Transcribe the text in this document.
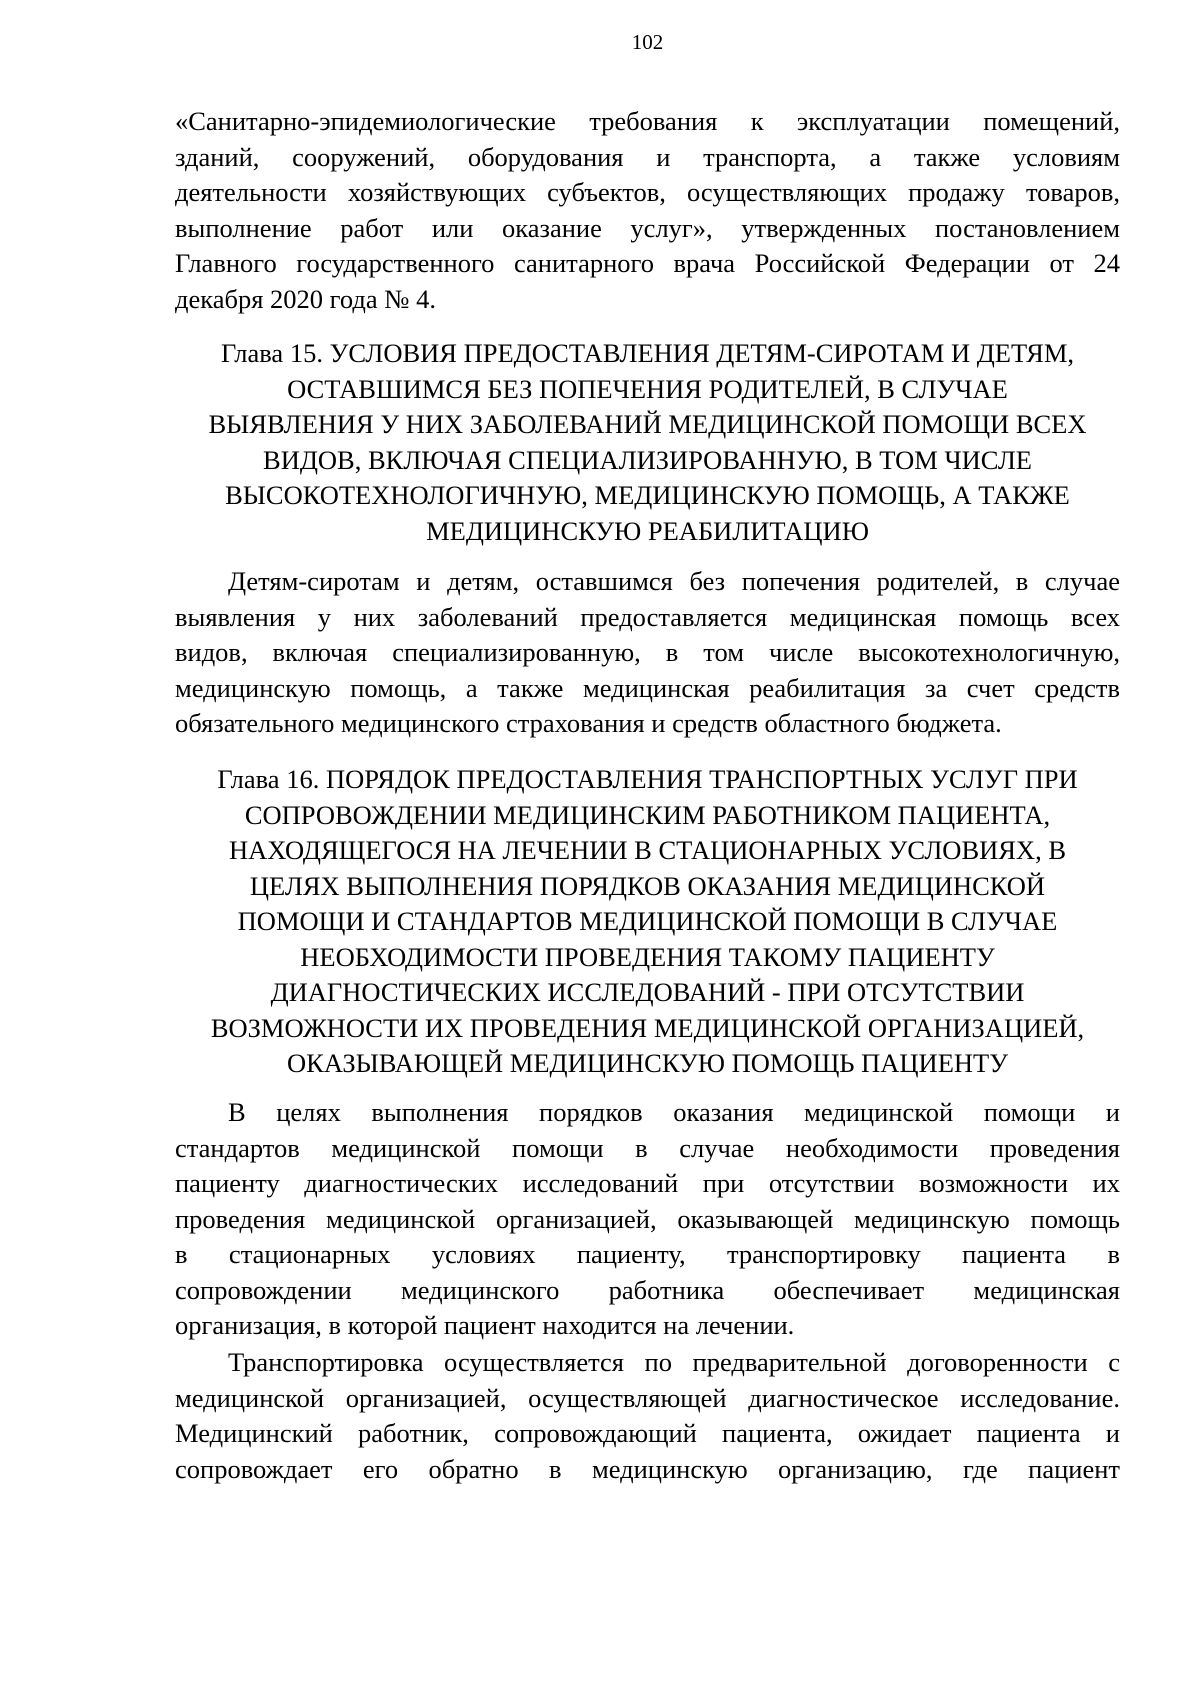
102
«Санитарно-эпидемиологические требования к эксплуатации помещений,
зданий, сооружений, оборудования и транспорта, а также условиям
деятельности хозяйствующих субъектов, осуществляющих продажу товаров,
выполнение работ или оказание услуг», утвержденных постановлением
Главного государственного санитарного врача Российской Федерации от 24
декабря 2020 года № 4.
Глава 15. УСЛОВИЯ ПРЕДОСТАВЛЕНИЯ ДЕТЯМ-СИРОТАМ И ДЕТЯМ,
ОСТАВШИМСЯ БЕЗ ПОПЕЧЕНИЯ РОДИТЕЛЕЙ, В СЛУЧАЕ
ВЫЯВЛЕНИЯ У НИХ ЗАБОЛЕВАНИЙ МЕДИЦИНСКОЙ ПОМОЩИ ВСЕХ
ВИДОВ, ВКЛЮЧАЯ СПЕЦИАЛИЗИРОВАННУЮ, В ТОМ ЧИСЛЕ
ВЫСОКОТЕХНОЛОГИЧНУЮ, МЕДИЦИНСКУЮ ПОМОЩЬ, А ТАКЖЕ
МЕДИЦИНСКУЮ РЕАБИЛИТАЦИЮ
Детям-сиротам и детям, оставшимся без попечения родителей, в случае
выявления у них заболеваний предоставляется медицинская помощь всех
видов, включая специализированную, в том числе высокотехнологичную,
медицинскую помощь, а также медицинская реабилитация за счет средств
обязательного медицинского страхования и средств областного бюджета.
Глава 16. ПОРЯДОК ПРЕДОСТАВЛЕНИЯ ТРАНСПОРТНЫХ УСЛУГ ПРИ
СОПРОВОЖДЕНИИ МЕДИЦИНСКИМ РАБОТНИКОМ ПАЦИЕНТА,
НАХОДЯЩЕГОСЯ НА ЛЕЧЕНИИ В СТАЦИОНАРНЫХ УСЛОВИЯХ, В
ЦЕЛЯХ ВЫПОЛНЕНИЯ ПОРЯДКОВ ОКАЗАНИЯ МЕДИЦИНСКОЙ
ПОМОЩИ И СТАНДАРТОВ МЕДИЦИНСКОЙ ПОМОЩИ В СЛУЧАЕ
НЕОБХОДИМОСТИ ПРОВЕДЕНИЯ ТАКОМУ ПАЦИЕНТУ
ДИАГНОСТИЧЕСКИХ ИССЛЕДОВАНИЙ - ПРИ ОТСУТСТВИИ
ВОЗМОЖНОСТИ ИХ ПРОВЕДЕНИЯ МЕДИЦИНСКОЙ ОРГАНИЗАЦИЕЙ,
ОКАЗЫВАЮЩЕЙ МЕДИЦИНСКУЮ ПОМОЩЬ ПАЦИЕНТУ
В целях выполнения порядков оказания медицинской помощи и
стандартов медицинской помощи в случае необходимости проведения
пациенту диагностических исследований при отсутствии возможности их
проведения медицинской организацией, оказывающей медицинскую помощь
в стационарных условиях пациенту, транспортировку пациента в
сопровождении медицинского работника обеспечивает медицинская
организация, в которой пациент находится на лечении.
Транспортировка осуществляется по предварительной договоренности с
медицинской организацией, осуществляющей диагностическое исследование.
Медицинский работник, сопровождающий пациента, ожидает пациента и
сопровождает его обратно в медицинскую организацию, где пациент
